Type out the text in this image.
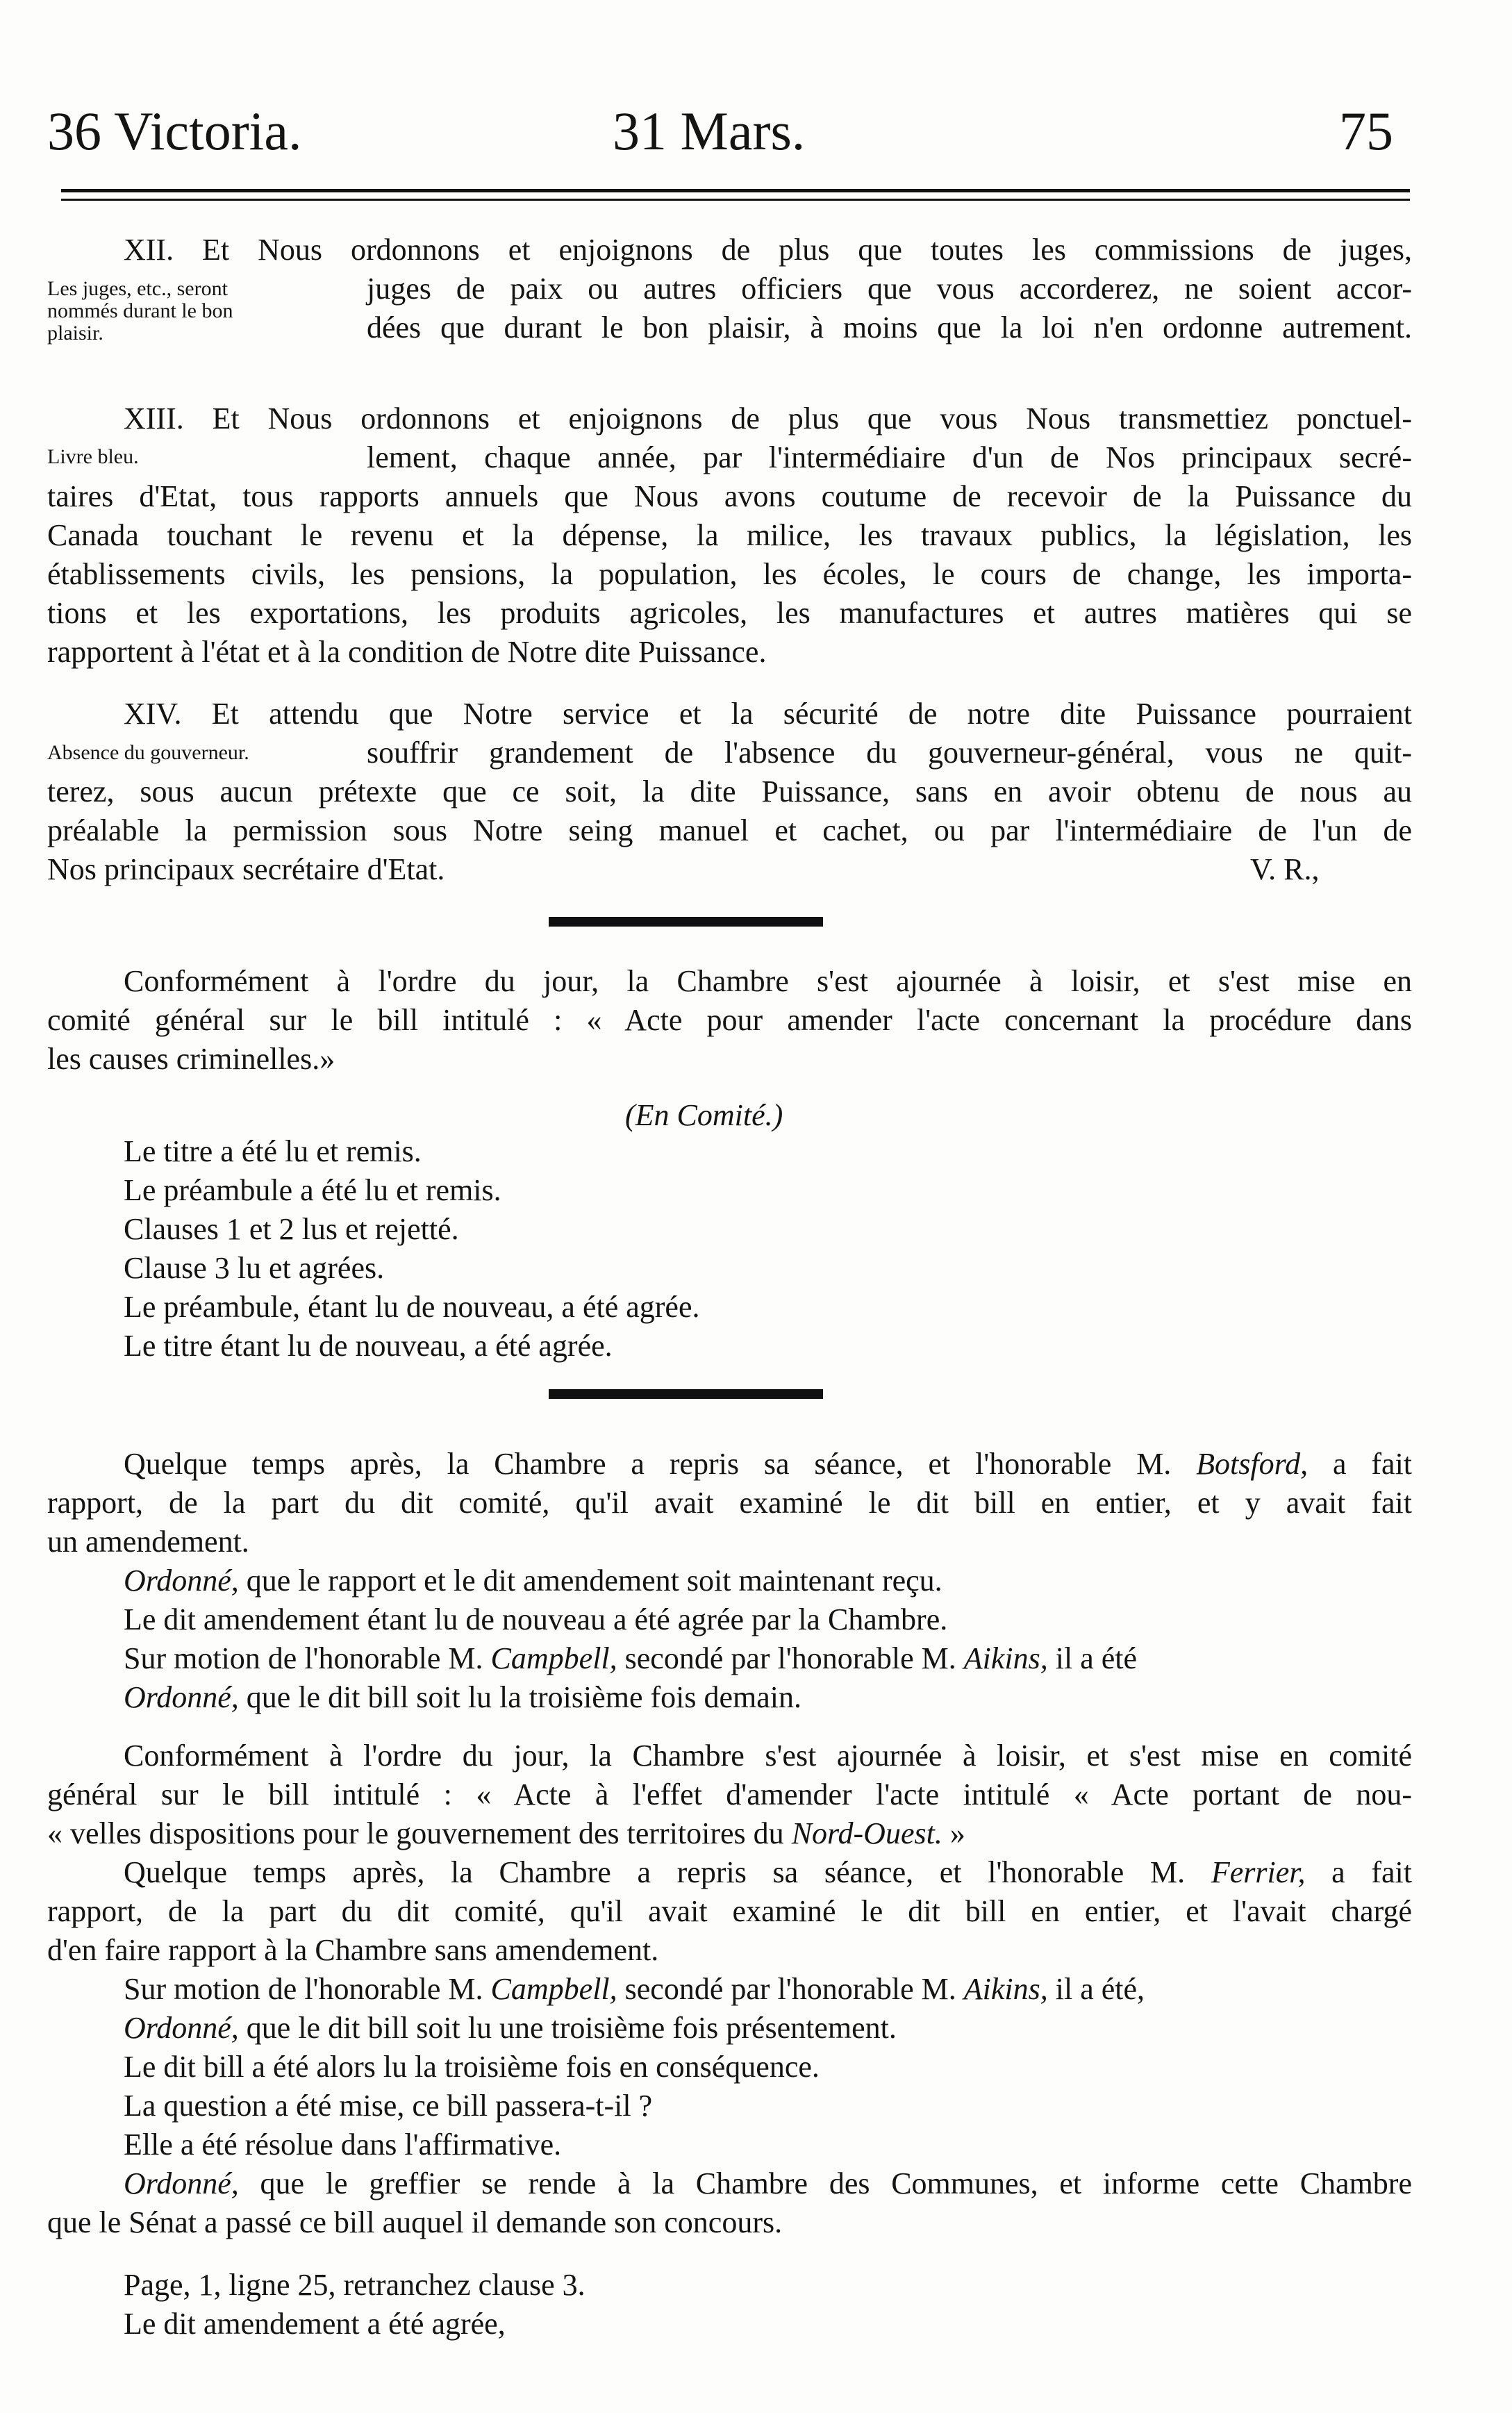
36 Victoria.	31 Mars.	75
XII. Et Nous ordonnons et enjoignons de plus que toutes les commissions de juges,
juges de paix ou autres officiers que vous accorderez, ne soient accor-
dées que durant le bon plaisir, à moins que la loi n'en ordonne autrement.
Les juges, etc., seront
nommés durant le bon
plaisir.
XIII. Et Nous ordonnons et enjoignons de plus que vous Nous transmettiez ponctuel-
Livre bleu.	lement, chaque année, par l'intermédiaire d'un de Nos principaux secré-
taires d'Etat, tous rapports annuels que Nous avons coutume de recevoir de la Puissance du
Canada touchant le revenu et la dépense, la milice, les travaux publics, la législation, les
établissements civils, les pensions, la population, les écoles, le cours de change, les importa-
tions et les exportations, les produits agricoles, les manufactures et autres matières qui se
rapportent à l'état et à la condition de Notre dite Puissance.
XIV. Et attendu que Notre service et la sécurité de notre dite Puissance pourraient
Absence du gouverneur.	souffrir grandement de l'absence du gouverneur-général, vous ne quit-
terez, sous aucun prétexte que ce soit, la dite Puissance, sans en avoir obtenu de nous au
préalable la permission sous Notre seing manuel et cachet, ou par l'intermédiaire de l'un de
Nos principaux secrétaire d'Etat.	V. R.,
Conformément à l'ordre du jour, la Chambre s'est ajournée à loisir, et s'est mise en
comité général sur le bill intitulé : « Acte pour amender l'acte concernant la procédure dans
les causes criminelles.»
(En Comité.)
Le titre a été lu et remis.
Le préambule a été lu et remis.
Clauses 1 et 2 lus et rejetté.
Clause 3 lu et agrées.
Le préambule, étant lu de nouveau, a été agrée.
Le titre étant lu de nouveau, a été agrée.
Quelque temps après, la Chambre a repris sa séance, et l'honorable M. Botsford, a fait
rapport, de la part du dit comité, qu'il avait examiné le dit bill en entier, et y avait fait
un amendement.
Ordonné, que le rapport et le dit amendement soit maintenant reçu.
Le dit amendement étant lu de nouveau a été agrée par la Chambre.
Sur motion de l'honorable M. Campbell, secondé par l'honorable M. Aikins, il a été
Ordonné, que le dit bill soit lu la troisième fois demain.
Conformément à l'ordre du jour, la Chambre s'est ajournée à loisir, et s'est mise en comité
général sur le bill intitulé : « Acte à l'effet d'amender l'acte intitulé « Acte portant de nou-
« velles dispositions pour le gouvernement des territoires du Nord-Ouest. »
Quelque temps après, la Chambre a repris sa séance, et l'honorable M. Ferrier, a fait
rapport, de la part du dit comité, qu'il avait examiné le dit bill en entier, et l'avait chargé
d'en faire rapport à la Chambre sans amendement.
Sur motion de l'honorable M. Campbell, secondé par l'honorable M. Aikins, il a été,
Ordonné, que le dit bill soit lu une troisième fois présentement.
Le dit bill a été alors lu la troisième fois en conséquence.
La question a été mise, ce bill passera-t-il ?
Elle a été résolue dans l'affirmative.
Ordonné, que le greffier se rende à la Chambre des Communes, et informe cette Chambre
que le Sénat a passé ce bill auquel il demande son concours.
Page, 1, ligne 25, retranchez clause 3.
Le dit amendement a été agrée,
